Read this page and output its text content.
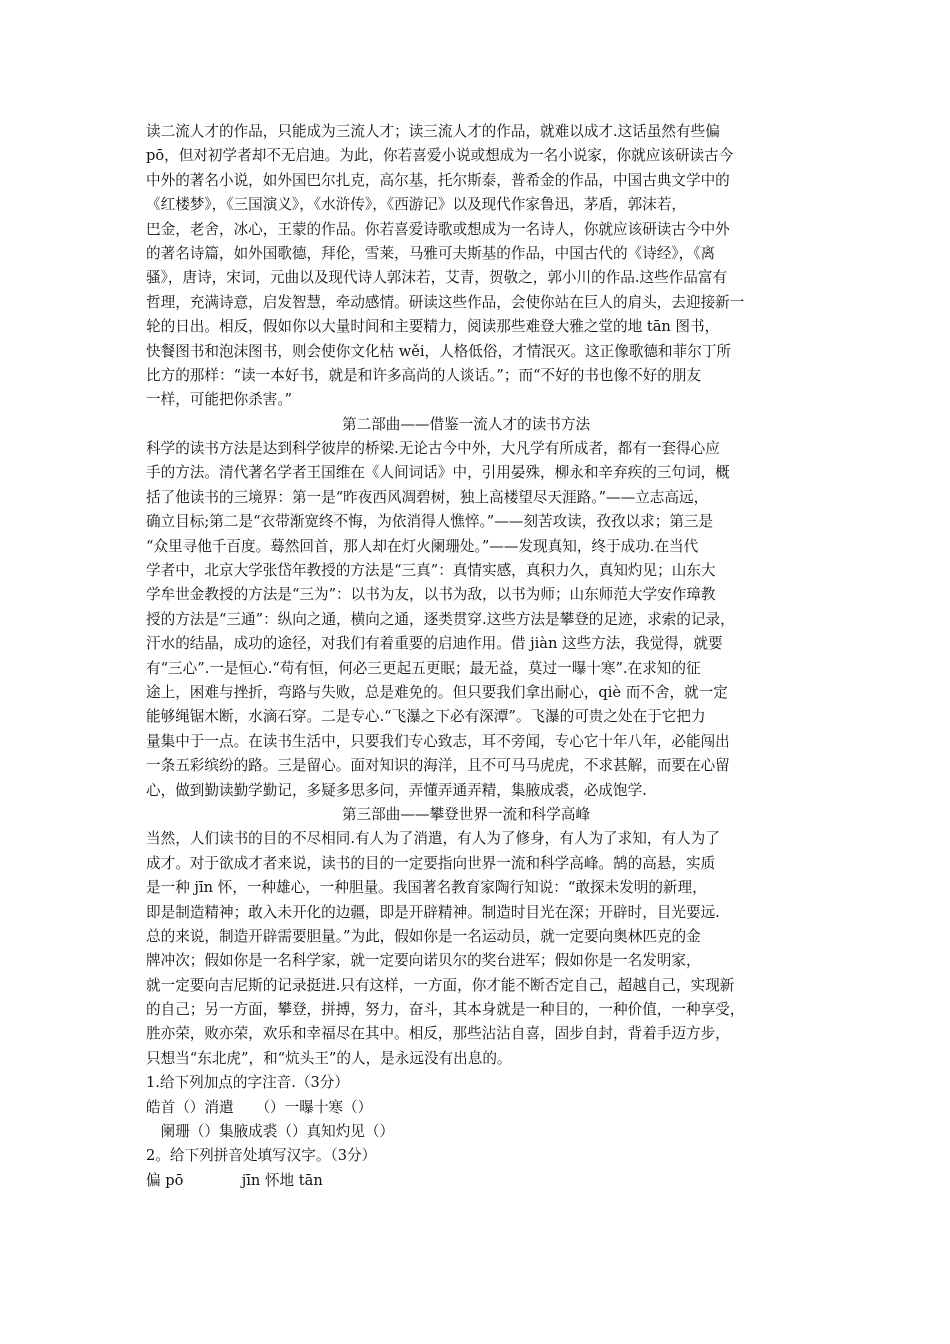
读二流人才的作品，只能成为三流人才；读三流人才的作品，就难以成才.这话虽然有些偏
pō，但对初学者却不无启迪。为此，你若喜爱小说或想成为一名小说家，你就应该研读古今
中外的著名小说，如外国巴尔扎克，高尔基，托尔斯泰，普希金的作品，中国古典文学中的
《红楼梦》，《三国演义》，《水浒传》，《西游记》以及现代作家鲁迅，茅盾，郭沫若，
巴金，老舍，冰心，王蒙的作品。你若喜爱诗歌或想成为一名诗人，你就应该研读古今中外
的著名诗篇，如外国歌德，拜伦，雪莱，马雅可夫斯基的作品，中国古代的《诗经》，《离
骚》，唐诗，宋词，元曲以及现代诗人郭沫若，艾青，贺敬之，郭小川的作品.这些作品富有
哲理，充满诗意，启发智慧，牵动感情。研读这些作品，会使你站在巨人的肩头，去迎接新一
轮的日出。相反，假如你以大量时间和主要精力，阅读那些难登大雅之堂的地 tān 图书，
快餐图书和泡沫图书，则会使你文化枯 wěi，人格低俗，才情泯灭。这正像歌德和菲尔丁所
比方的那样：“读一本好书，就是和许多高尚的人谈话。”；而“不好的书也像不好的朋友
一样，可能把你杀害。”
第二部曲——借鉴一流人才的读书方法
科学的读书方法是达到科学彼岸的桥梁.无论古今中外，大凡学有所成者，都有一套得心应
手的方法。清代著名学者王国维在《人间词话》中，引用晏殊，柳永和辛弃疾的三句词，概
括了他读书的三境界：第一是“昨夜西风凋碧树，独上高楼望尽天涯路。”——立志高远，
确立目标;第二是“衣带渐宽终不悔，为依消得人憔悴。”——刻苦攻读，孜孜以求；第三是
“众里寻他千百度。蓦然回首，那人却在灯火阑珊处。”——发现真知，终于成功.在当代
学者中，北京大学张岱年教授的方法是“三真”：真情实感，真积力久，真知灼见；山东大
学牟世金教授的方法是“三为”：以书为友，以书为敌，以书为师；山东师范大学安作璋教
授的方法是“三通”：纵向之通，横向之通，逐类贯穿.这些方法是攀登的足迹，求索的记录，
汗水的结晶，成功的途径，对我们有着重要的启迪作用。借 jiàn 这些方法，我觉得，就要
有“三心”.一是恒心.“苟有恒，何必三更起五更眠；最无益，莫过一曝十寒”.在求知的征
途上，困难与挫折，弯路与失败，总是难免的。但只要我们拿出耐心，qiè 而不舍，就一定
能够绳锯木断，水滴石穿。二是专心.“飞瀑之下必有深潭”。飞瀑的可贵之处在于它把力
量集中于一点。在读书生活中，只要我们专心致志，耳不旁闻，专心它十年八年，必能闯出
一条五彩缤纷的路。三是留心。面对知识的海洋，且不可马马虎虎，不求甚解，而要在心留
心，做到勤读勤学勤记，多疑多思多问，弄懂弄通弄精，集腋成裘，必成饱学.
第三部曲——攀登世界一流和科学高峰
当然，人们读书的目的不尽相同.有人为了消遣，有人为了修身，有人为了求知，有人为了
成才。对于欲成才者来说，读书的目的一定要指向世界一流和科学高峰。鹄的高悬，实质
是一种 jīn 怀，一种雄心，一种胆量。我国著名教育家陶行知说：“敢探未发明的新理，
即是制造精神；敢入未开化的边疆，即是开辟精神。制造时目光在深；开辟时，目光要远.
总的来说，制造开辟需要胆量。”为此，假如你是一名运动员，就一定要向奥林匹克的金
牌冲次；假如你是一名科学家，就一定要向诺贝尔的奖台进军；假如你是一名发明家，
就一定要向吉尼斯的记录挺进.只有这样，一方面，你才能不断否定自己，超越自己，实现新
的自己；另一方面，攀登，拼搏，努力，奋斗，其本身就是一种目的，一种价值，一种享受，
胜亦荣，败亦荣，欢乐和幸福尽在其中。相反，那些沾沾自喜，固步自封，背着手迈方步，
只想当“东北虎”，和“炕头王”的人，是永远没有出息的。
1.给下列加点的字注音.（3分）
皓首（）消遣　　（）一曝十寒（）
　阑珊（）集腋成裘（）真知灼见（）
2。给下列拼音处填写汉字。（3分）
偏 pō　　　　jīn 怀地 tān
